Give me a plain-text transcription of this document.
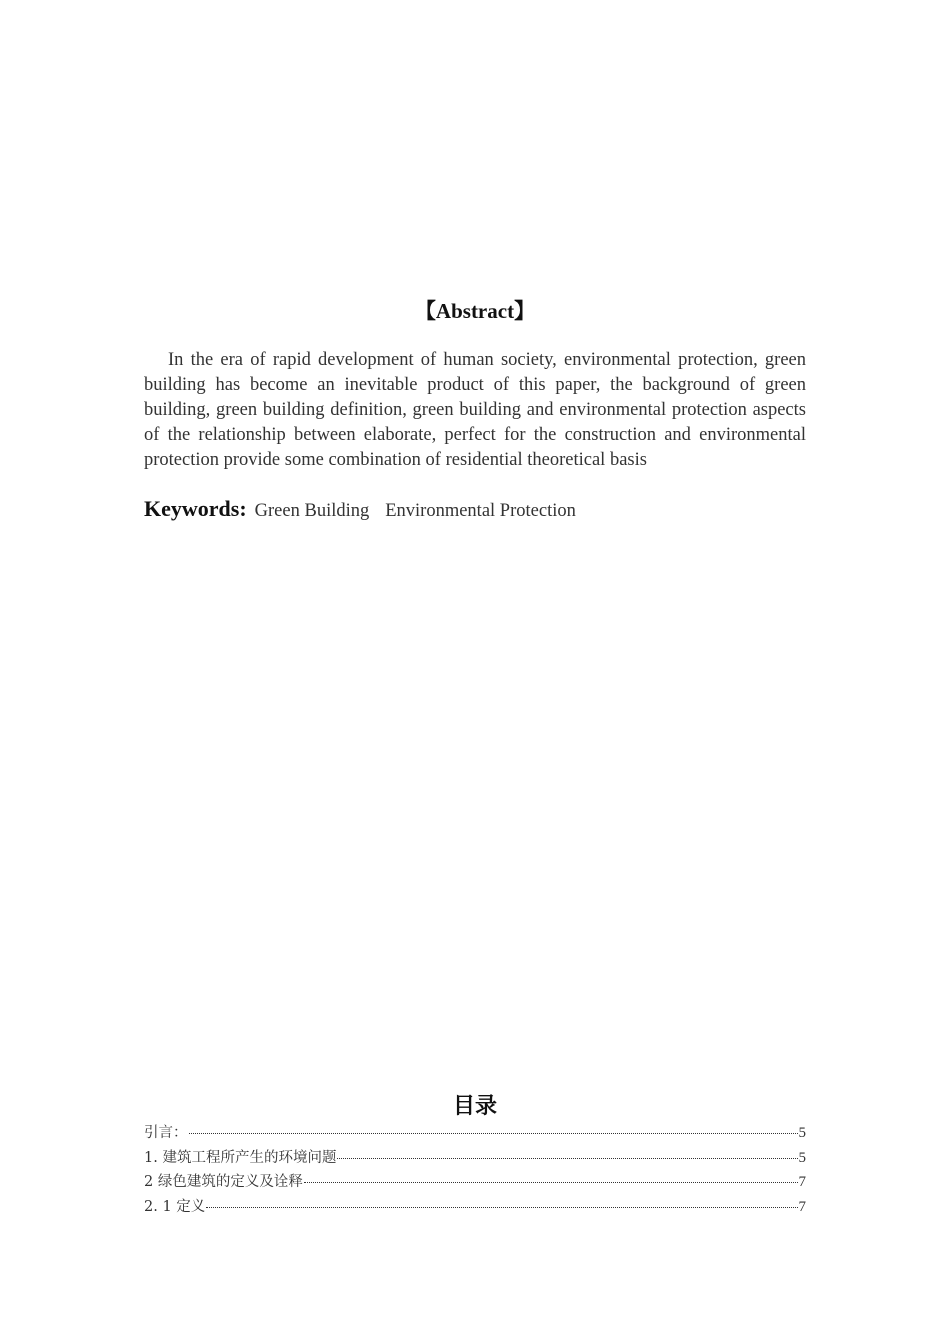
【Abstract】

In the era of rapid development of human society, environmental protection, green building has become an inevitable product of this paper, the background of green building, green building definition, green building and environmental protection aspects of the relationship between elaborate, perfect for the construction and environmental protection provide some combination of residential theoretical basis

Keywords: Green Building Environmental Protection
目录
引言：	5
1. 建筑工程所产生的环境问题	5
2 绿色建筑的定义及诠释	7
2. 1 定义	7
